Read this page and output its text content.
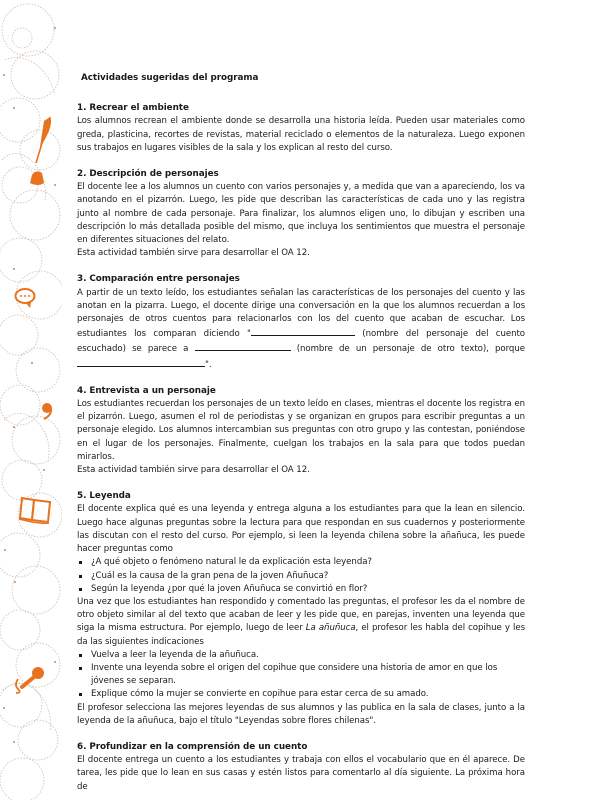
Actividades sugeridas del programa
1. Recrear el ambiente

Los alumnos recrean el ambiente donde se desarrolla una historia leída. Pueden usar materiales como greda, plasticina, recortes de revistas, material reciclado o elementos de la naturaleza. Luego exponen sus trabajos en lugares visibles de la sala y los explican al resto del curso.

2. Descripción de personajes

El docente lee a los alumnos un cuento con varios personajes y, a medida que van a apareciendo, los va anotando en el pizarrón. Luego, les pide que describan las características de cada uno y las registra junto al nombre de cada personaje. Para finalizar, los alumnos eligen uno, lo dibujan y escriben una descripción lo más detallada posible del mismo, que incluya los sentimientos que muestra el personaje en diferentes situaciones del relato.

Esta actividad también sirve para desarrollar el OA 12.

3. Comparación entre personajes

A partir de un texto leído, los estudiantes señalan las características de los personajes del cuento y las anotan en la pizarra. Luego, el docente dirige una conversación en la que los alumnos recuerdan a los personajes de otros cuentos para relacionarlos con los del cuento que acaban de escuchar. Los estudiantes los comparan diciendo "	(nombre del personaje del cuento escuchado) se parece a	(nombre de un personaje de otro texto), porque ".

4. Entrevista a un personaje

Los estudiantes recuerdan los personajes de un texto leído en clases, mientras el docente los registra en el pizarrón. Luego, asumen el rol de periodistas y se organizan en grupos para escribir preguntas a un personaje elegido. Los alumnos intercambian sus preguntas con otro grupo y las contestan, poniéndose en el lugar de los personajes. Finalmente, cuelgan los trabajos en la sala para que todos puedan mirarlos.

Esta actividad también sirve para desarrollar el OA 12.

5. Leyenda

El docente explica qué es una leyenda y entrega alguna a los estudiantes para que la lean en silencio. Luego hace algunas preguntas sobre la lectura para que respondan en sus cuadernos y posteriormente las discutan con el resto del curso. Por ejemplo, si leen la leyenda chilena sobre la añañuca, les puede hacer preguntas como

¿A qué objeto o fenómeno natural le da explicación esta leyenda?
¿Cuál es la causa de la gran pena de la joven Añuñuca?
Según la leyenda ¿por qué la joven Añuñuca se convirtió en flor?

Una vez que los estudiantes han respondido y comentado las preguntas, el profesor les da el nombre de otro objeto similar al del texto que acaban de leer y les pide que, en parejas, inventen una leyenda que siga la misma estructura. Por ejemplo, luego de leer La añuñuca, el profesor les habla del copihue y les da las siguientes indicaciones

Vuelva a leer la leyenda de la añuñuca.
Invente una leyenda sobre el origen del copihue que considere una historia de amor en que los jóvenes se separan.
Explique cómo la mujer se convierte en copihue para estar cerca de su amado.

El profesor selecciona las mejores leyendas de sus alumnos y las publica en la sala de clases, junto a la leyenda de la añuñuca, bajo el título "Leyendas sobre flores chilenas".

6. Profundizar en la comprensión de un cuento

El docente entrega un cuento a los estudiantes y trabaja con ellos el vocabulario que en él aparece. De tarea, les pide que lo lean en sus casas y estén listos para comentarlo al día siguiente. La próxima hora de
